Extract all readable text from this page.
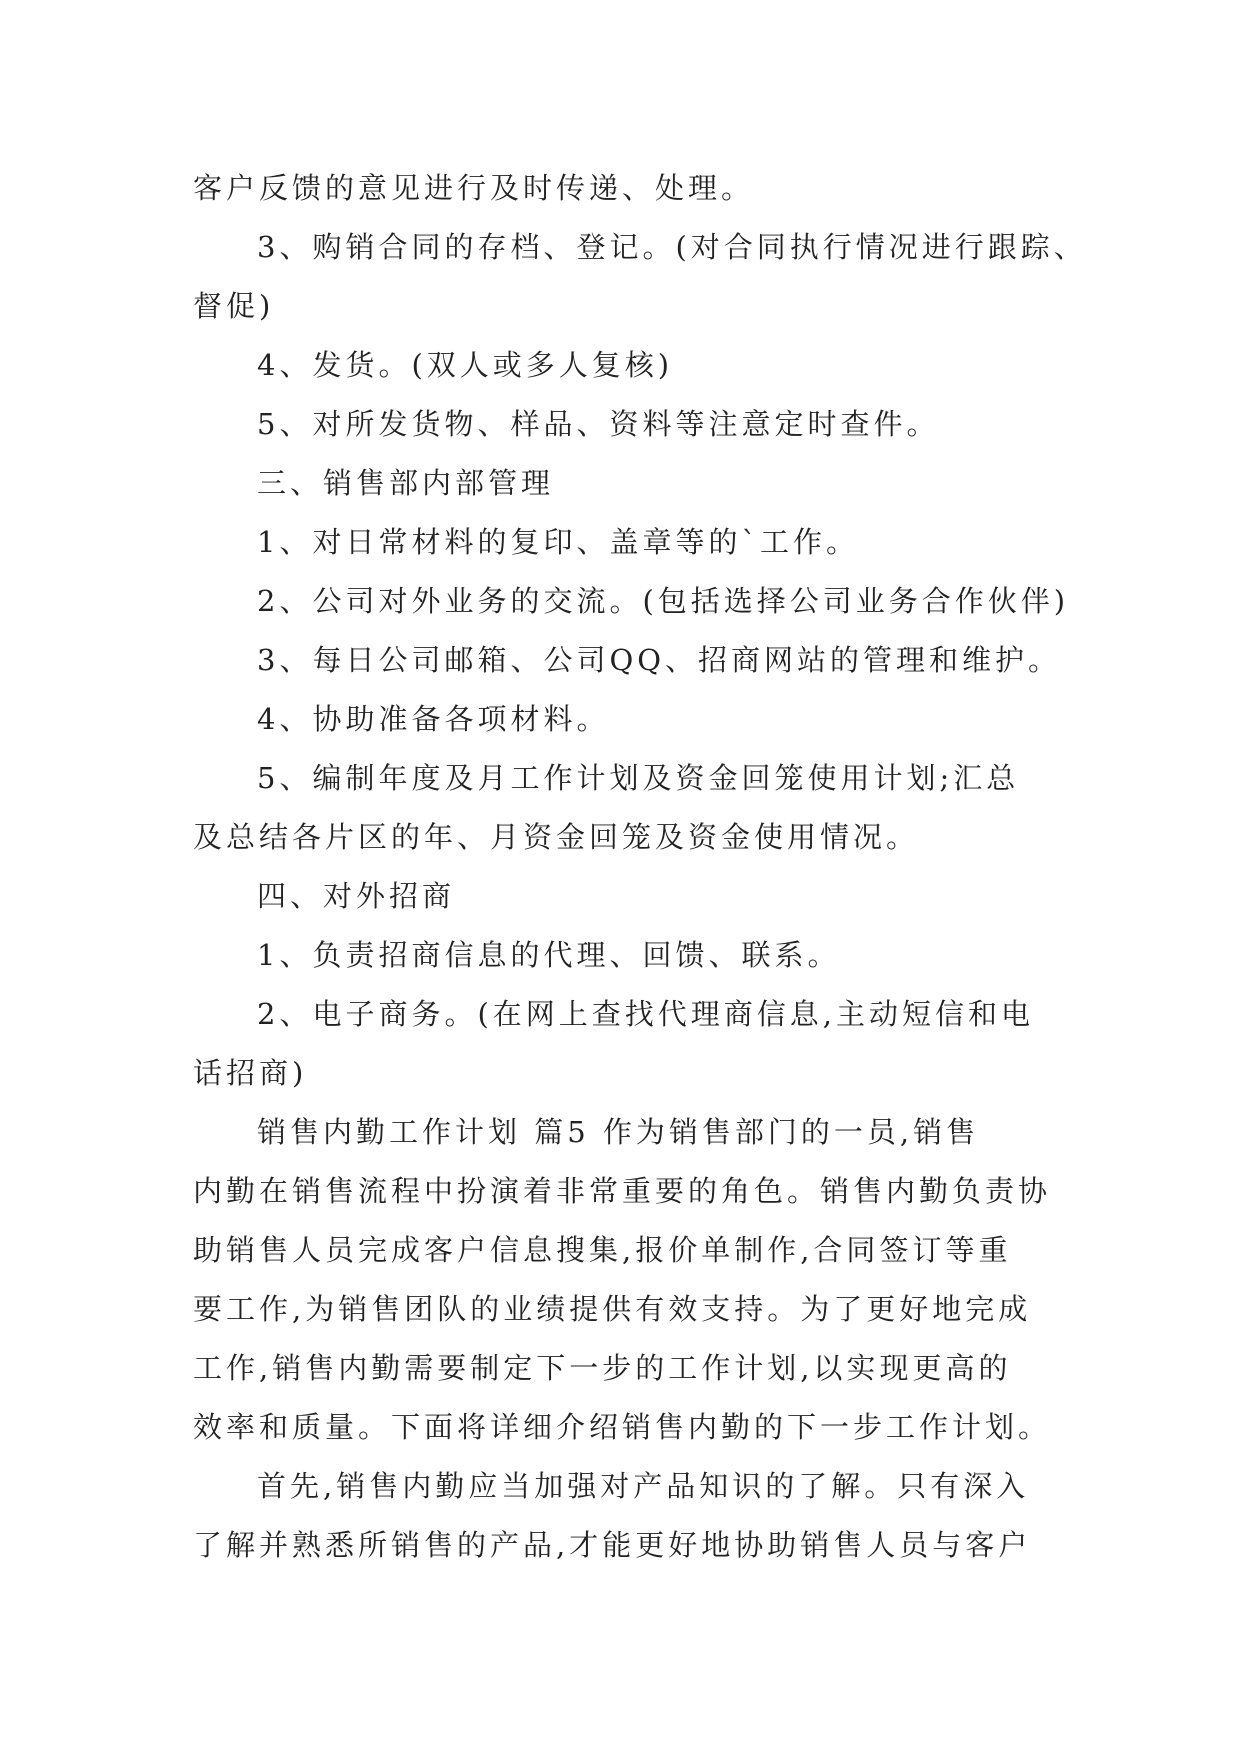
客户反馈的意见进行及时传递、处理。
3、购销合同的存档、登记。(对合同执行情况进行跟踪、
督促)
4、发货。(双人或多人复核)
5、对所发货物、样品、资料等注意定时查件。
三、销售部内部管理
1、对日常材料的复印、盖章等的`工作。
2、公司对外业务的交流。(包括选择公司业务合作伙伴)
3、每日公司邮箱、公司QQ、招商网站的管理和维护。
4、协助准备各项材料。
5、编制年度及月工作计划及资金回笼使用计划;汇总
及总结各片区的年、月资金回笼及资金使用情况。
四、对外招商
1、负责招商信息的代理、回馈、联系。
2、电子商务。(在网上查找代理商信息,主动短信和电
话招商)
销售内勤工作计划 篇5 作为销售部门的一员,销售
内勤在销售流程中扮演着非常重要的角色。销售内勤负责协
助销售人员完成客户信息搜集,报价单制作,合同签订等重
要工作,为销售团队的业绩提供有效支持。为了更好地完成
工作,销售内勤需要制定下一步的工作计划,以实现更高的
效率和质量。下面将详细介绍销售内勤的下一步工作计划。
首先,销售内勤应当加强对产品知识的了解。只有深入
了解并熟悉所销售的产品,才能更好地协助销售人员与客户
